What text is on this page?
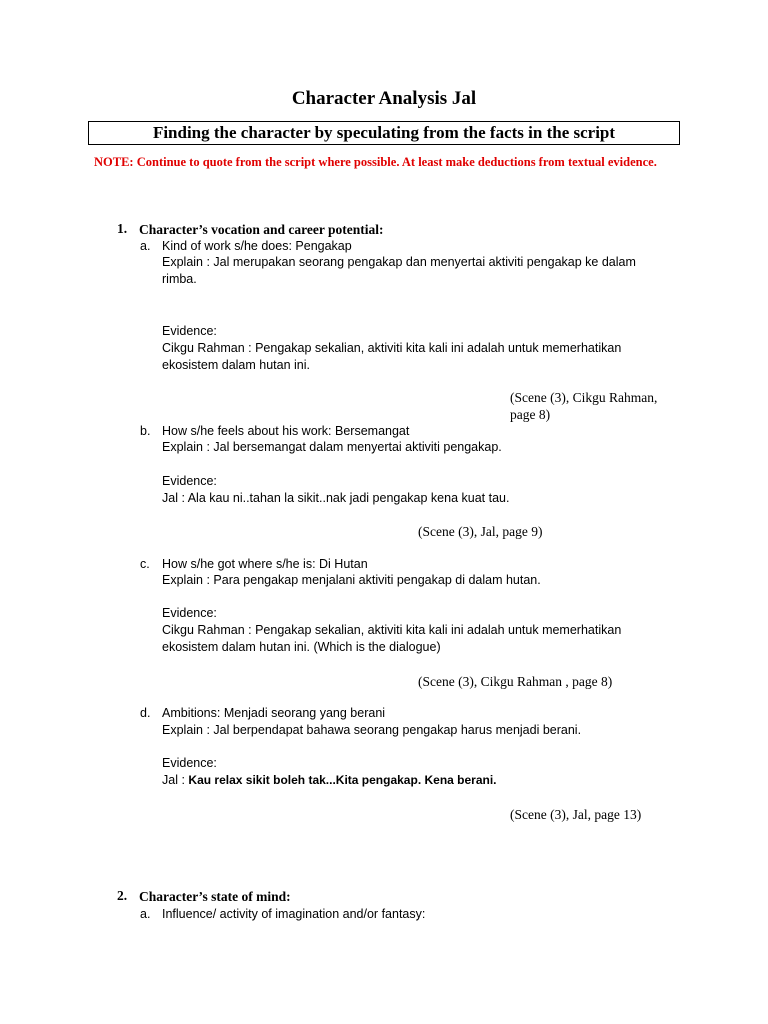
Character Analysis Jal
Finding the character by speculating from the facts in the script
NOTE: Continue to quote from the script where possible. At least make deductions from textual evidence.
1. Character’s vocation and career potential:
a. Kind of work s/he does: Pengakap
Explain : Jal merupakan seorang pengakap dan menyertai aktiviti pengakap ke dalam
rimba.
Evidence:
Cikgu Rahman : Pengakap sekalian, aktiviti kita kali ini adalah untuk memerhatikan
ekosistem dalam hutan ini.
(Scene (3), Cikgu Rahman,
page 8)
b. How s/he feels about his work: Bersemangat
Explain : Jal bersemangat dalam menyertai aktiviti pengakap.
Evidence:
Jal : Ala kau ni..tahan la sikit..nak jadi pengakap kena kuat tau.
(Scene (3), Jal, page 9)
c. How s/he got where s/he is: Di Hutan
Explain : Para pengakap menjalani aktiviti pengakap di dalam hutan.
Evidence:
Cikgu Rahman : Pengakap sekalian, aktiviti kita kali ini adalah untuk memerhatikan
ekosistem dalam hutan ini. (Which is the dialogue)
(Scene (3), Cikgu Rahman , page 8)
d. Ambitions: Menjadi seorang yang berani
Explain : Jal berpendapat bahawa seorang pengakap harus menjadi berani.
Evidence:
Jal : Kau relax sikit boleh tak...Kita pengakap. Kena berani.
(Scene (3), Jal, page 13)
2. Character’s state of mind:
a. Influence/ activity of imagination and/or fantasy:
